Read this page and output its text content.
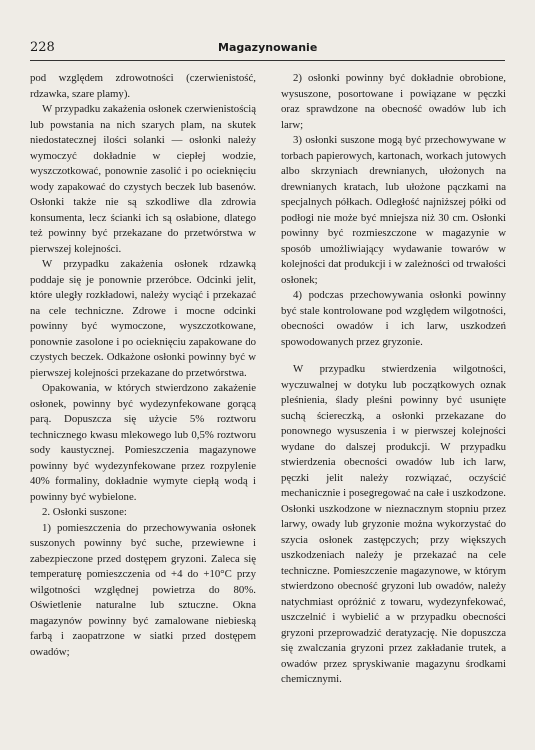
228	Magazynowanie

pod względem zdrowotności (czerwienistość, rdzawka, szare plamy).

W przypadku zakażenia osłonek czerwienistością lub powstania na nich szarych plam, na skutek niedostatecznej ilości solanki — osłonki należy wymoczyć dokładnie w ciepłej wodzie, wyszczotkować, ponownie zasolić i po ocieknięciu wody zapakować do czystych beczek lub basenów. Osłonki także nie są szkodliwe dla zdrowia konsumenta, lecz ścianki ich są osłabione, dlatego też powinny być przekazane do przetwórstwa w pierwszej kolejności.

W przypadku zakażenia osłonek rdzawką poddaje się je ponownie przeróbce. Odcinki jelit, które uległy rozkładowi, należy wyciąć i przekazać na cele techniczne. Zdrowe i mocne odcinki powinny być wymoczone, wyszczotkowane, ponownie zasolone i po ocieknięciu zapakowane do czystych beczek. Odkażone osłonki powinny być w pierwszej kolejności przekazane do przetwórstwa.

Opakowania, w których stwierdzono zakażenie osłonek, powinny być wydezynfekowane gorącą parą. Dopuszcza się użycie 5% roztworu technicznego kwasu mlekowego lub 0,5% roztworu sody kaustycznej. Pomieszczenia magazynowe powinny być wydezynfekowane przez rozpylenie 40% formaliny, dokładnie wymyte ciepłą wodą i powinny być wybielone.

2. Osłonki suszone:

1) pomieszczenia do przechowywania osłonek suszonych powinny być suche, przewiewne i zabezpieczone przed dostępem gryzoni. Zaleca się temperaturę pomieszczenia od +4 do +10°C przy wilgotności względnej powietrza do 80%. Oświetlenie naturalne lub sztuczne. Okna magazynów powinny być zamalowane niebieską farbą i zaopatrzone w siatki przed dostępem owadów;

2) osłonki powinny być dokładnie obrobione, wysuszone, posortowane i powiązane w pęczki oraz sprawdzone na obecność owadów lub ich larw;

3) osłonki suszone mogą być przechowywane w torbach papierowych, kartonach, workach jutowych albo skrzyniach drewnianych, ułożonych na drewnianych kratach, lub ułożone pączkami na specjalnych półkach. Odległość najniższej półki od podłogi nie może być mniejsza niż 30 cm. Osłonki powinny być rozmieszczone w magazynie w sposób umożliwiający wydawanie towarów w kolejności dat produkcji i w zależności od trwałości osłonek;

4) podczas przechowywania osłonki powinny być stale kontrolowane pod względem wilgotności, obecności owadów i ich larw, uszkodzeń spowodowanych przez gryzonie.

W przypadku stwierdzenia wilgotności, wyczuwalnej w dotyku lub początkowych oznak pleśnienia, ślady pleśni powinny być usunięte suchą ściereczką, a osłonki przekazane do ponownego wysuszenia i w pierwszej kolejności wydane do dalszej produkcji. W przypadku stwierdzenia obecności owadów lub ich larw, pęczki jelit należy rozwiązać, oczyścić mechanicznie i posegregować na całe i uszkodzone. Osłonki uszkodzone w nieznacznym stopniu przez larwy, owady lub gryzonie można wykorzystać do szycia osłonek zastępczych; przy większych uszkodzeniach należy je przekazać na cele techniczne. Pomieszczenie magazynowe, w którym stwierdzono obecność gryzoni lub owadów, należy natychmiast opróżnić z towaru, wydezynfekować, uszczelnić i wybielić a w przypadku obecności gryzoni przeprowadzić deratyzację. Nie dopuszcza się zwalczania gryzoni przez zakładanie trutek, a owadów przez spryskiwanie magazynu środkami chemicznymi.
